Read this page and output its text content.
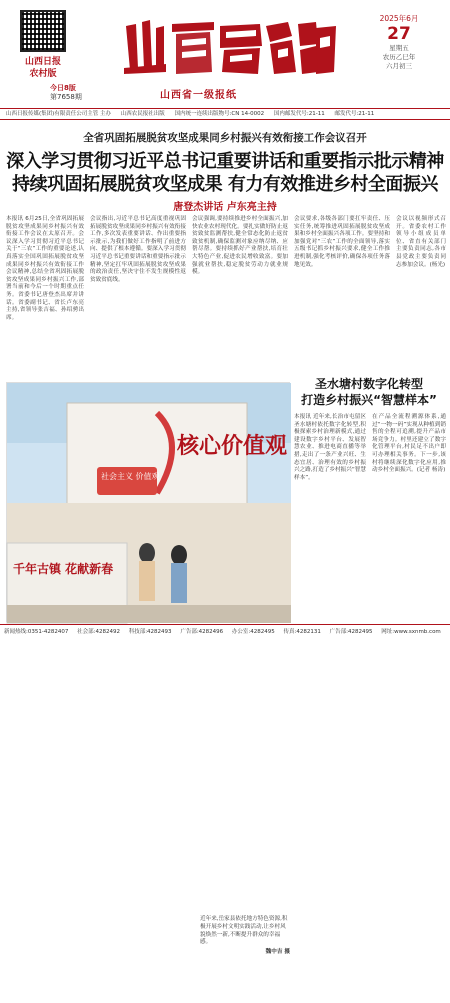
山西日报
农村版
今日8版
第7658期	山西省一级报纸
2025年6月
27
星期五
农历乙巳年
六月初三
山西日报传媒(集团)有限责任公司主管 主办 山西农民报社出版 国内统一连续出版物号:CN 14-0002 国内邮发代号:21-11 邮发代号:21-11
全省巩固拓展脱贫攻坚成果同乡村振兴有效衔接工作会议召开
深入学习贯彻习近平总书记重要讲话和重要指示批示精神
持续巩固拓展脱贫攻坚成果 有力有效推进乡村全面振兴
唐登杰讲话 卢东亮主持
本报讯 6月25日,全省巩固拓展脱贫攻坚成果同乡村振兴有效衔接工作会议在太原召开。会议深入学习贯彻习近平总书记关于“三农”工作的重要论述,认真落实全国巩固拓展脱贫攻坚成果同乡村振兴有效衔接工作会议精神,总结全省巩固拓展脱贫攻坚成果同乡村振兴工作,部署当前和今后一个时期重点任务。省委书记唐登杰出席并讲话。省委副书记、省长卢东亮主持,省领导张吉福、孙绍骋出席。
会议指出,习近平总书记高度重视巩固拓展脱贫攻坚成果同乡村振兴有效衔接工作,多次发表重要讲话、作出重要指示批示,为我们做好工作指明了前进方向、提供了根本遵循。要深入学习贯彻习近平总书记重要讲话和重要指示批示精神,坚定扛牢巩固拓展脱贫攻坚成果的政治责任,坚决守住不发生规模性返贫致贫底线。
会议强调,要持续推进乡村全面振兴,加快农业农村现代化。要扎实做好防止返贫致贫监测帮扶,健全常态化防止返贫致贫机制,确保监测对象应纳尽纳、应帮尽帮。要持续抓好产业帮扶,培育壮大特色产业,促进农民增收致富。要加强就业帮扶,稳定脱贫劳动力就业规模。
会议要求,各级各部门要扛牢责任、压实任务,统筹推进巩固拓展脱贫攻坚成果和乡村全面振兴各项工作。要坚持和加强党对“三农”工作的全面领导,落实五级书记抓乡村振兴要求,健全工作推进机制,强化考核评价,确保各项任务落地见效。
会议以视频形式召开。省委农村工作领导小组成员单位、省直有关部门主要负责同志,各市县党政主要负责同志参加会议。(杨光)
核心价值观
社会主义 价值观
千年古镇 花献新春
近年来,岳家县依托地方特色资源,积极开展乡村文明实践活动,让乡村风貌焕然一新,不断提升群众的幸福感。
魏中吉 摄
圣水塘村数字化转型
打造乡村振兴“智慧样本”
本报讯 近年来,长治市屯留区圣水塘村依托数字化转型,积极探索乡村治理新模式,通过建设数字乡村平台、发展智慧农业、推进电商直播等举措,走出了一条产业兴旺、生态宜居、治理有效的乡村振兴之路,打造了乡村振兴“智慧样本”。
在产品全流程溯源体系,通过“一物一码”实现从种植到销售的全程可追溯,提升产品市场竞争力。村里还建立了数字化管理平台,村民足不出户即可办理相关事务。下一步,该村将继续深化数字化应用,推动乡村全面振兴。(记者 杨涛)
新闻热线:0351-4282407 社会部:4282492 科技部:4282493 广告部:4282496 办公室:4282495 传真:4282131 广告部:4282495 网址:www.sxnmb.com
